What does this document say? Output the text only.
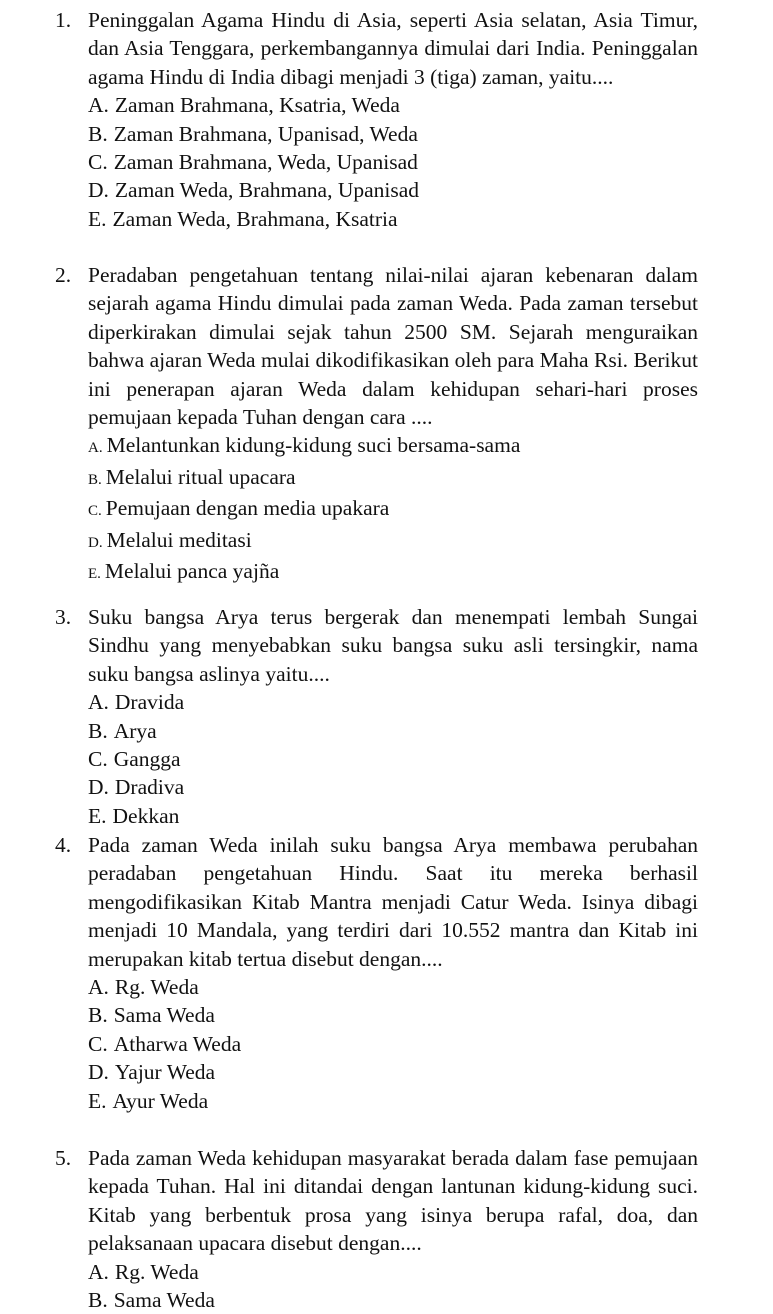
1. Peninggalan Agama Hindu di Asia, seperti Asia selatan, Asia Timur, dan Asia Tenggara, perkembangannya dimulai dari India. Peninggalan agama Hindu di India dibagi menjadi 3 (tiga) zaman, yaitu....
A. Zaman Brahmana, Ksatria, Weda
B. Zaman Brahmana, Upanisad, Weda
C. Zaman Brahmana, Weda, Upanisad
D. Zaman Weda, Brahmana, Upanisad
E. Zaman Weda, Brahmana, Ksatria
2. Peradaban pengetahuan tentang nilai-nilai ajaran kebenaran dalam sejarah agama Hindu dimulai pada zaman Weda. Pada zaman tersebut diperkirakan dimulai sejak tahun 2500 SM. Sejarah menguraikan bahwa ajaran Weda mulai dikodifikasikan oleh para Maha Rsi. Berikut ini penerapan ajaran Weda dalam kehidupan sehari-hari proses pemujaan kepada Tuhan dengan cara ....
A. Melantunkan kidung-kidung suci bersama-sama
B. Melalui ritual upacara
C. Pemujaan dengan media upakara
D. Melalui meditasi
E. Melalui panca yajña
3. Suku bangsa Arya terus bergerak dan menempati lembah Sungai Sindhu yang menyebabkan suku bangsa suku asli tersingkir, nama suku bangsa aslinya yaitu....
A. Dravida
B. Arya
C. Gangga
D. Dradiva
E. Dekkan
4. Pada zaman Weda inilah suku bangsa Arya membawa perubahan peradaban pengetahuan Hindu. Saat itu mereka berhasil mengodifikasikan Kitab Mantra menjadi Catur Weda. Isinya dibagi menjadi 10 Mandala, yang terdiri dari 10.552 mantra dan Kitab ini merupakan kitab tertua disebut dengan....
A. Rg. Weda
B. Sama Weda
C. Atharwa Weda
D. Yajur Weda
E. Ayur Weda
5. Pada zaman Weda kehidupan masyarakat berada dalam fase pemujaan kepada Tuhan. Hal ini ditandai dengan lantunan kidung-kidung suci. Kitab yang berbentuk prosa yang isinya berupa rafal, doa, dan pelaksanaan upacara disebut dengan....
A. Rg. Weda
B. Sama Weda
